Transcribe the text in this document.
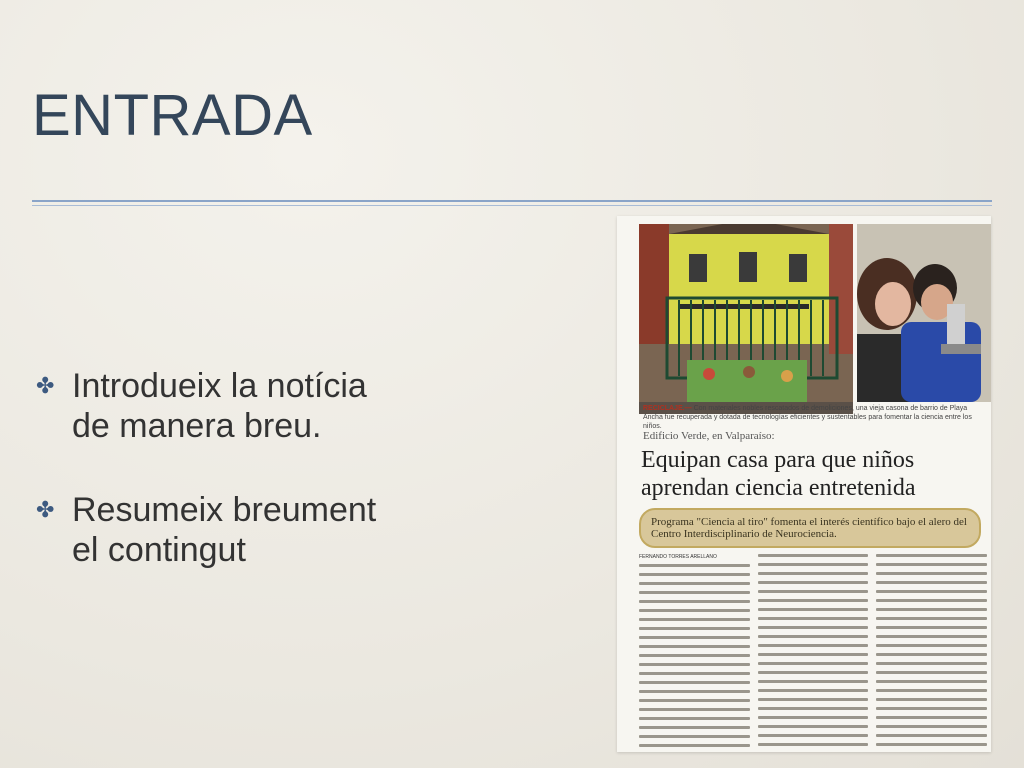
ENTRADA
✤ Introdueix la notícia
de manera breu.
✤ Resumeix breument
el contingut
RECICLAJE.— Con materiales nobles rescatados de demoliciones, una vieja casona de barrio de Playa Ancha fue recuperada y dotada de tecnologías eficientes y sustentables para fomentar la ciencia entre los niños.
Edificio Verde, en Valparaíso:
Equipan casa para que niños aprendan ciencia entretenida
Programa "Ciencia al tiro" fomenta el interés científico bajo el alero del Centro Interdisciplinario de Neurociencia.
FERNANDO TORRES ARELLANO
